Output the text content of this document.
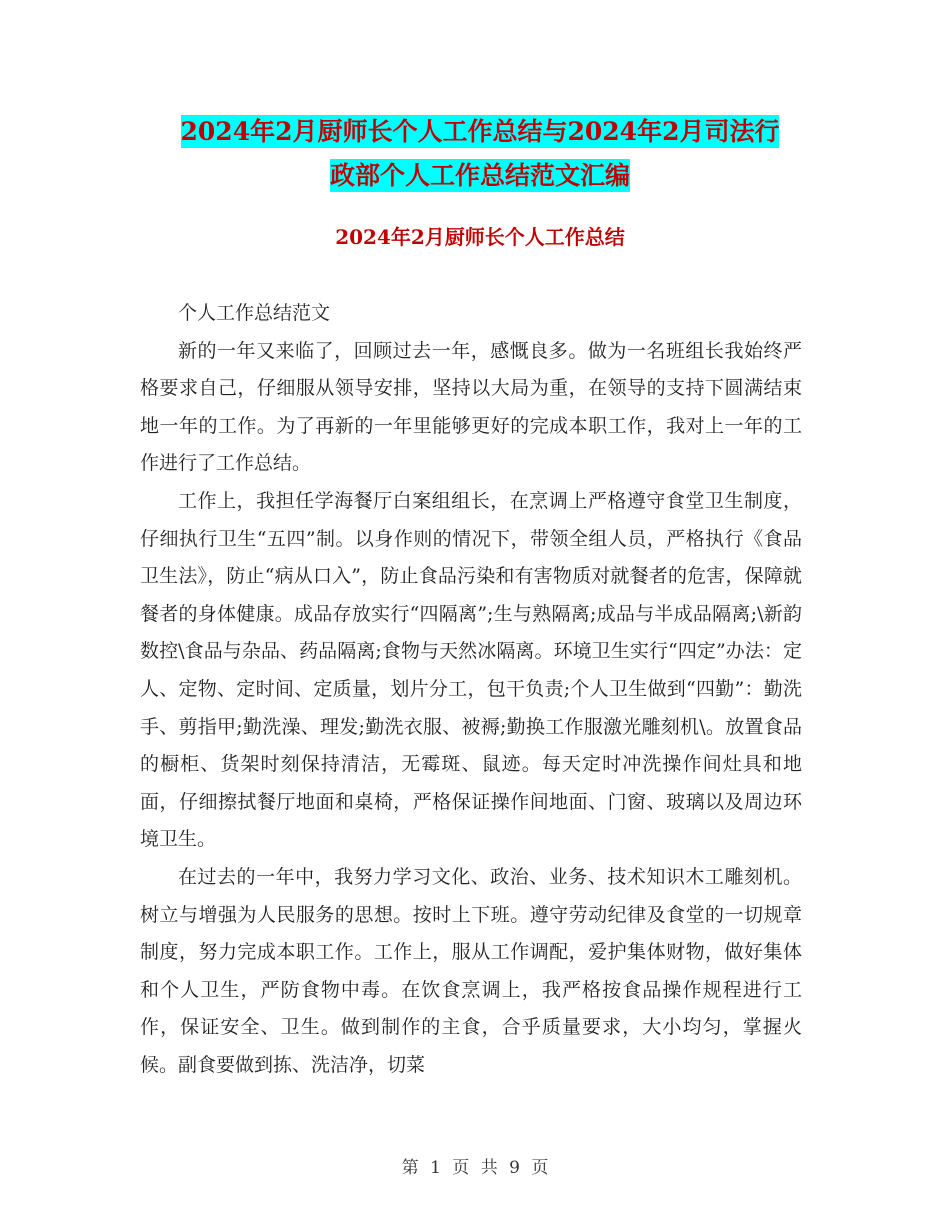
2024年2月厨师长个人工作总结与2024年2月司法行
政部个人工作总结范文汇编
2024年2月厨师长个人工作总结

个人工作总结范文

新的一年又来临了，回顾过去一年，感慨良多。做为一名班组长我始终严格要求自己，仔细服从领导安排，坚持以大局为重，在领导的支持下圆满结束地一年的工作。为了再新的一年里能够更好的完成本职工作，我对上一年的工作进行了工作总结。

工作上，我担任学海餐厅白案组组长，在烹调上严格遵守食堂卫生制度，仔细执行卫生“五四”制。以身作则的情况下，带领全组人员，严格执行《食品卫生法》，防止“病从口入”，防止食品污染和有害物质对就餐者的危害，保障就餐者的身体健康。成品存放实行“四隔离”;生与熟隔离;成品与半成品隔离;\新韵数控\食品与杂品、药品隔离;食物与天然冰隔离。环境卫生实行“四定”办法：定人、定物、定时间、定质量，划片分工，包干负责;个人卫生做到“四勤”：勤洗手、剪指甲;勤洗澡、理发;勤洗衣服、被褥;勤换工作服激光雕刻机\。放置食品的橱柜、货架时刻保持清洁，无霉斑、鼠迹。每天定时冲洗操作间灶具和地面，仔细擦拭餐厅地面和桌椅，严格保证操作间地面、门窗、玻璃以及周边环境卫生。

在过去的一年中，我努力学习文化、政治、业务、技术知识木工雕刻机。树立与增强为人民服务的思想。按时上下班。遵守劳动纪律及食堂的一切规章制度，努力完成本职工作。工作上，服从工作调配，爱护集体财物，做好集体和个人卫生，严防食物中毒。在饮食烹调上，我严格按食品操作规程进行工作，保证安全、卫生。做到制作的主食，合乎质量要求，大小均匀，掌握火候。副食要做到拣、洗洁净，切菜

第 1 页 共 9 页
